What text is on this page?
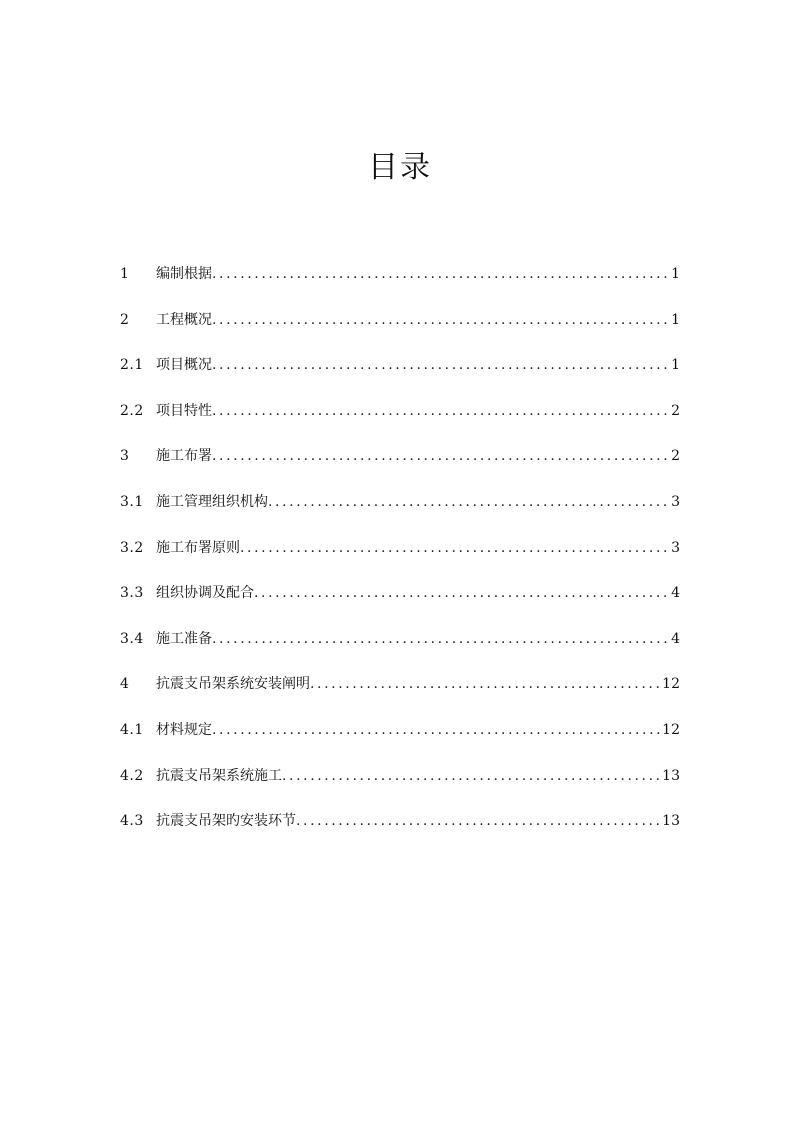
目录
1	编制根据 .....	1
2	工程概况 .....	1
2.1 项目概况 .....	1
2.2 项目特性 .....	2
3	施工布署 .....	2
3.1 施工管理组织机构 .....	3
3.2 施工布署原则 .....	3
3.3 组织协调及配合 .....	4
3.4 施工准备 .....	4
4	抗震支吊架系统安装阐明 .....	12
4.1 材料规定 .....	12
4.2 抗震支吊架系统施工 .....	13
4.3 抗震支吊架旳安装环节 .....	13
